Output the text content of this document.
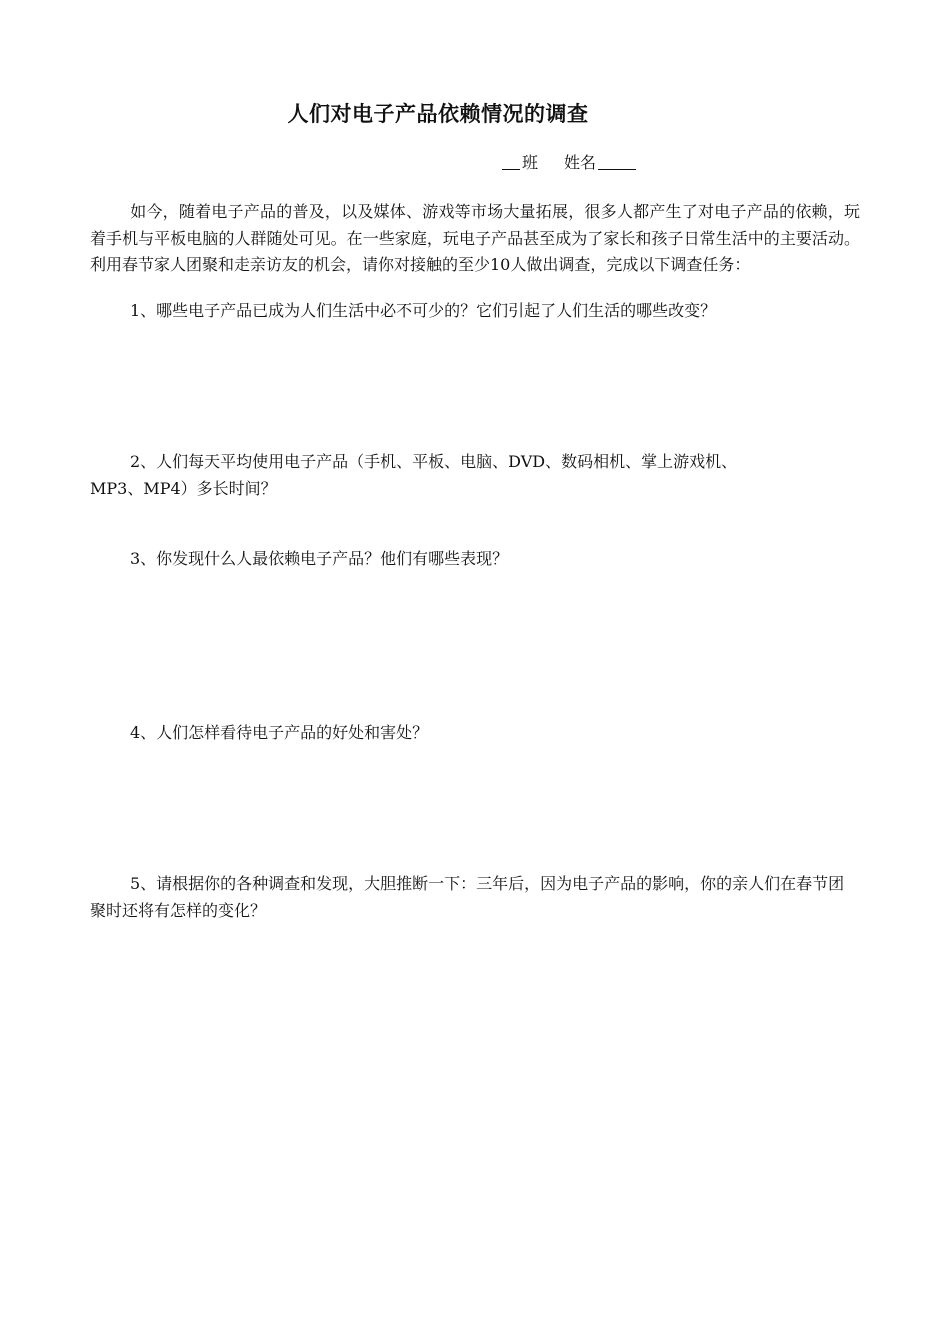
人们对电子产品依赖情况的调查
班 姓名
如今，随着电子产品的普及，以及媒体、游戏等市场大量拓展，很多人都产生了对电子产品的依赖，玩着手机与平板电脑的人群随处可见。在一些家庭，玩电子产品甚至成为了家长和孩子日常生活中的主要活动。利用春节家人团聚和走亲访友的机会，请你对接触的至少10人做出调查，完成以下调查任务：
1、哪些电子产品已成为人们生活中必不可少的？它们引起了人们生活的哪些改变？
2、人们每天平均使用电子产品（手机、平板、电脑、DVD、数码相机、掌上游戏机、MP3、MP4）多长时间？
3、你发现什么人最依赖电子产品？他们有哪些表现？
4、人们怎样看待电子产品的好处和害处？
5、请根据你的各种调查和发现，大胆推断一下：三年后，因为电子产品的影响，你的亲人们在春节团聚时还将有怎样的变化？
